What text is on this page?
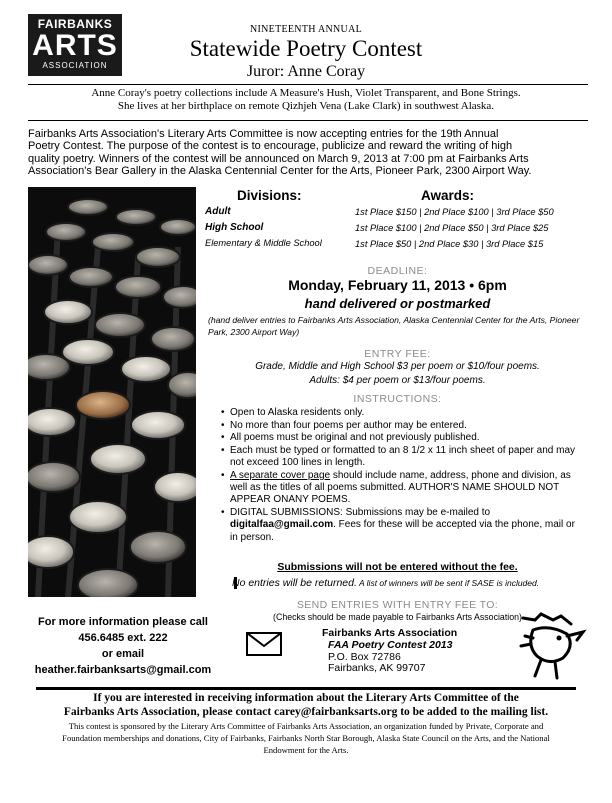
FAIRBANKS
ARTS
ASSOCIATION
NINETEENTH ANNUAL
Statewide Poetry Contest
Juror: Anne Coray
Anne Coray's poetry collections include A Measure's Hush, Violet Transparent, and Bone Strings.
She lives at her birthplace on remote Qizhjeh Vena (Lake Clark) in southwest Alaska.
Fairbanks Arts Association's Literary Arts Committee is now accepting entries for the 19th Annual
Poetry Contest. The purpose of the contest is to encourage, publicize and reward the writing of high
quality poetry. Winners of the contest will be announced on March 9, 2013 at 7:00 pm at Fairbanks Arts
Association's Bear Gallery in the Alaska Centennial Center for the Arts, Pioneer Park, 2300 Airport Way.
Divisions:	Awards:
Adult	1st Place $150 | 2nd Place $100 | 3rd Place $50
High School	1st Place $100 | 2nd Place $50 | 3rd Place $25
Elementary & Middle School	1st Place $50 | 2nd Place $30 | 3rd Place $15
DEADLINE:
Monday, February 11, 2013 • 6pm
hand delivered or postmarked
(hand deliver entries to Fairbanks Arts Association, Alaska Centennial Center for the Arts, Pioneer Park, 2300 Airport Way)
ENTRY FEE:
Grade, Middle and High School $3 per poem or $10/four poems.
Adults: $4 per poem or $13/four poems.
INSTRUCTIONS:
• Open to Alaska residents only.
• No more than four poems per author may be entered.
• All poems must be original and not previously published.
• Each must be typed or formatted to an 8 1/2 x 11 inch sheet of paper and may not exceed 100 lines in length.
• A separate cover page should include name, address, phone and division, as well as the titles of all poems submitted. AUTHOR'S NAME SHOULD NOT APPEAR ONANY POEMS.
• DIGITAL SUBMISSIONS: Submissions may be e-mailed to digitalfaa@gmail.com. Fees for these will be accepted via the phone, mail or in person.
Submissions will not be entered without the fee.
No entries will be returned. A list of winners will be sent if SASE is included.
SEND ENTRIES WITH ENTRY FEE TO:
(Checks should be made payable to Fairbanks Arts Association)
Fairbanks Arts Association
FAA Poetry Contest 2013
P.O. Box 72786
Fairbanks, AK 99707
For more information please call
456.6485 ext. 222
or email
heather.fairbanksarts@gmail.com
If you are interested in receiving information about the Literary Arts Committee of the
Fairbanks Arts Association, please contact carey@fairbanksarts.org to be added to the mailing list.
This contest is sponsored by the Literary Arts Committee of Fairbanks Arts Association, an organization funded by Private, Corporate and
Foundation memberships and donations, City of Fairbanks, Fairbanks North Star Borough, Alaska State Council on the Arts, and the National
Endowment for the Arts.
